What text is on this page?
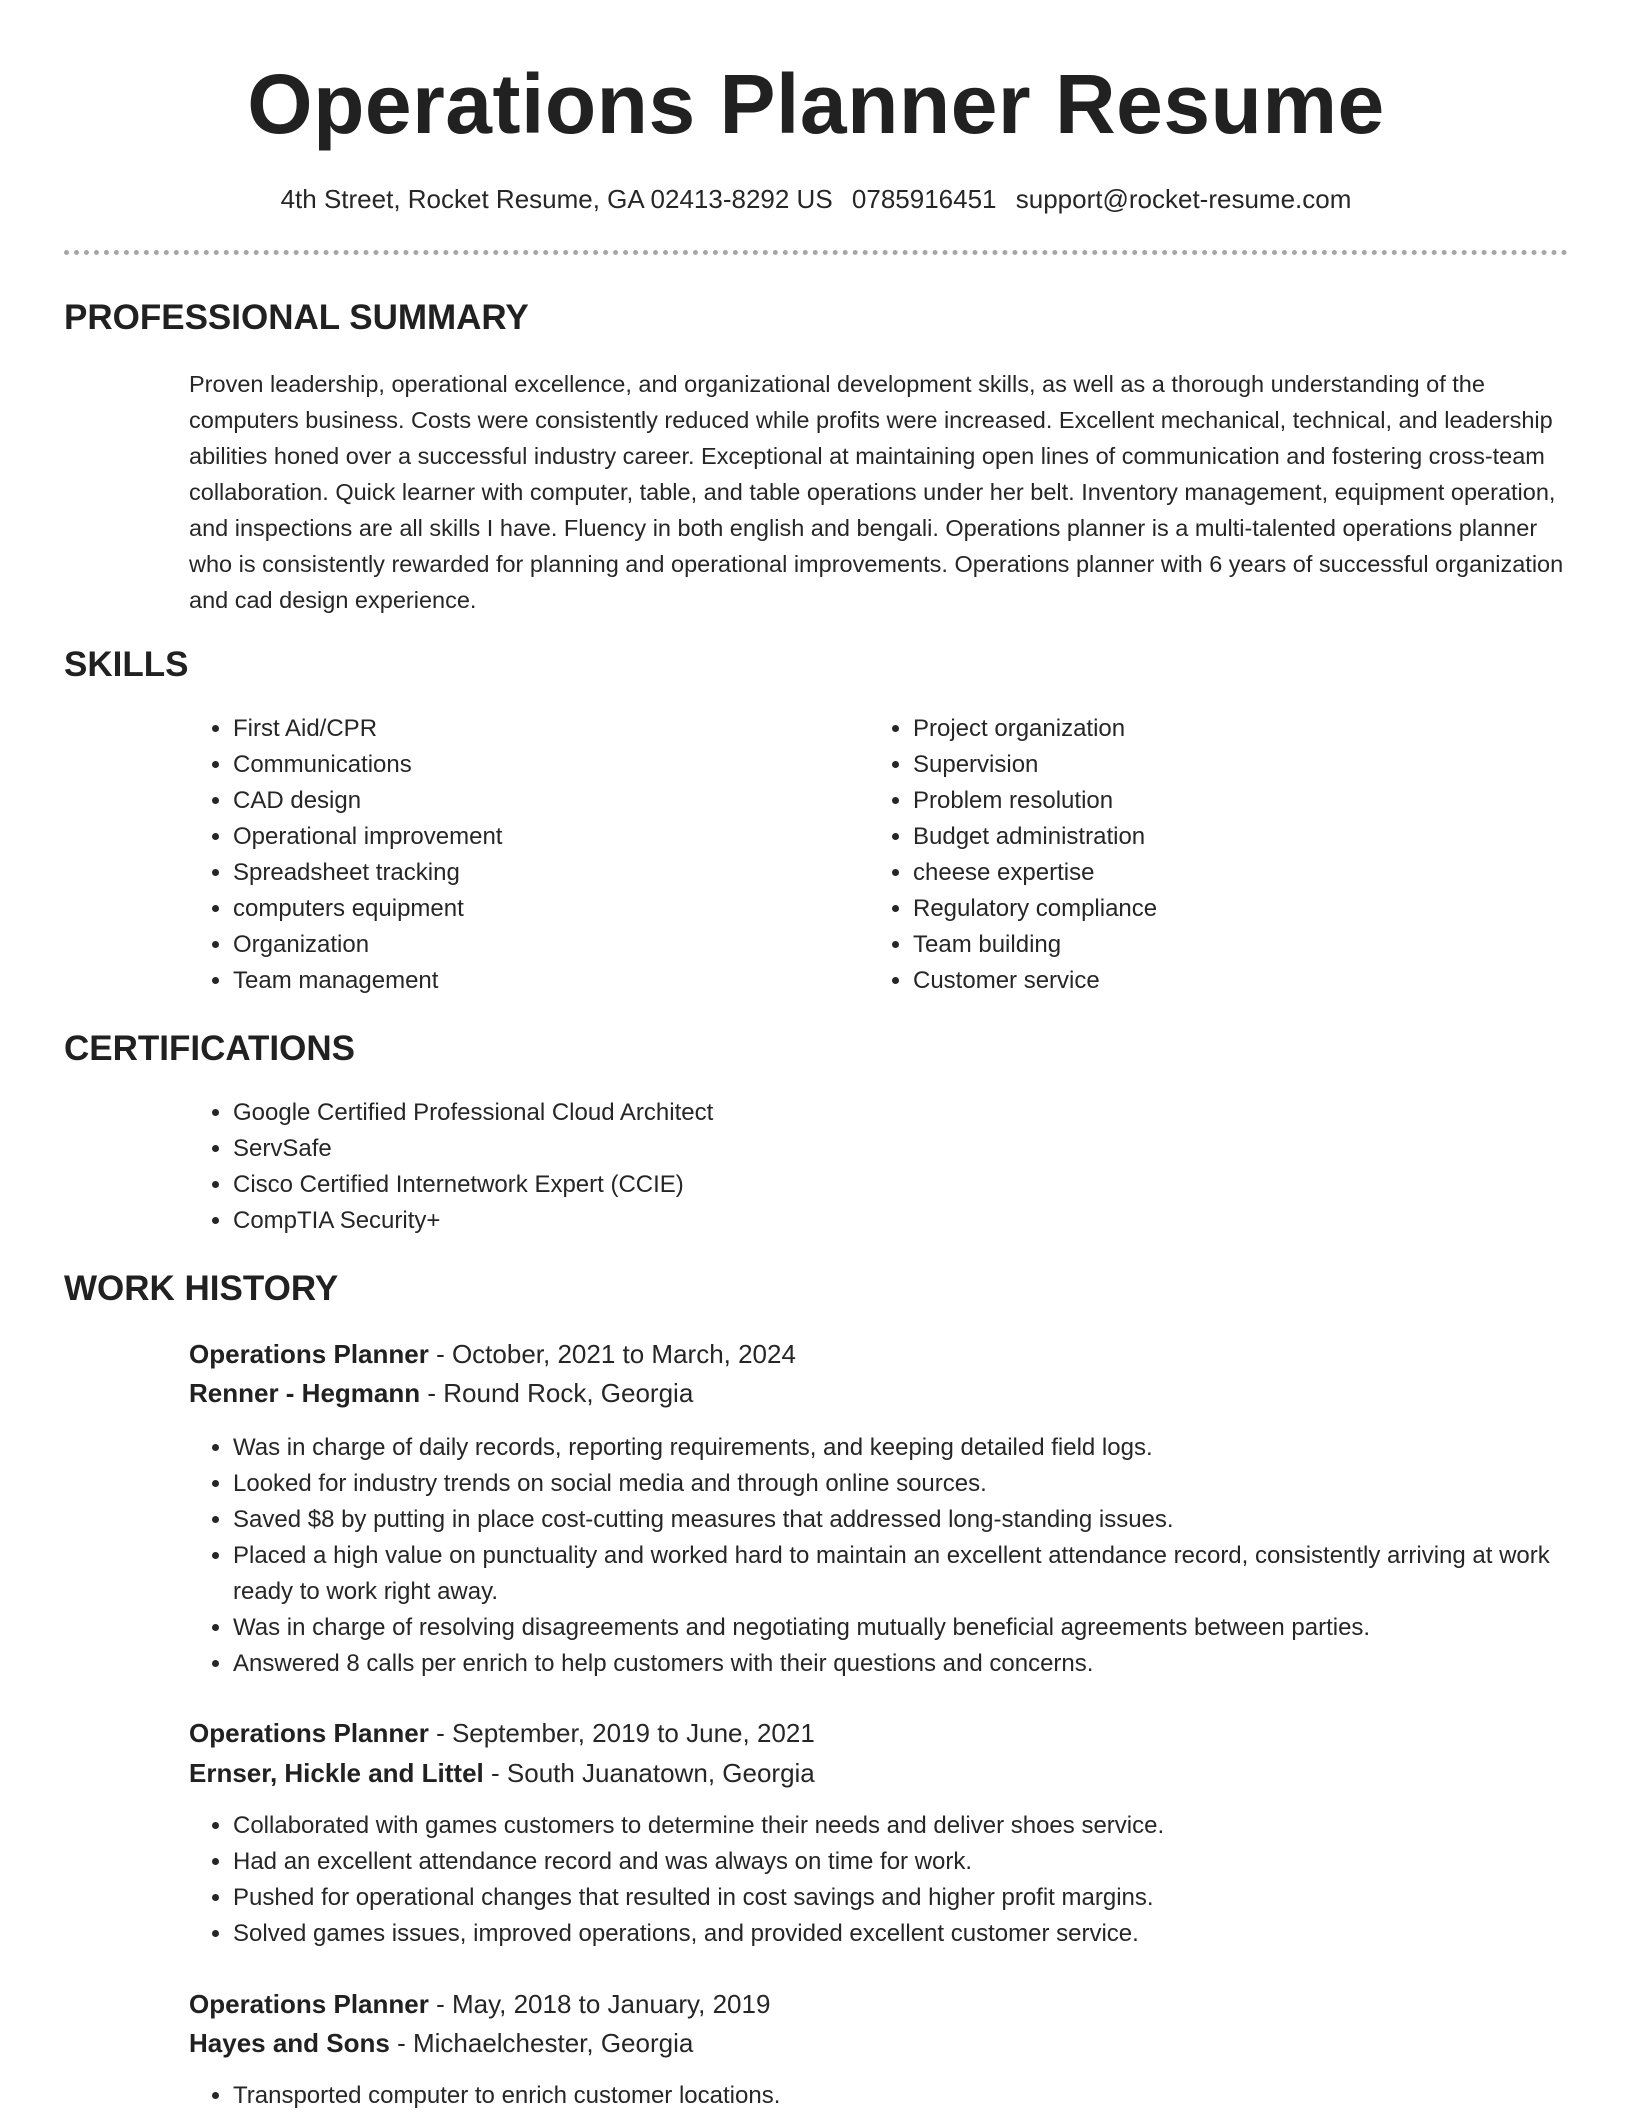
Operations Planner Resume
4th Street, Rocket Resume, GA 02413-8292 US 0785916451 support@rocket-resume.com
PROFESSIONAL SUMMARY

Proven leadership, operational excellence, and organizational development skills, as well as a thorough understanding of the computers business. Costs were consistently reduced while profits were increased. Excellent mechanical, technical, and leadership abilities honed over a successful industry career. Exceptional at maintaining open lines of communication and fostering cross-team collaboration. Quick learner with computer, table, and table operations under her belt. Inventory management, equipment operation, and inspections are all skills I have. Fluency in both english and bengali. Operations planner is a multi-talented operations planner who is consistently rewarded for planning and operational improvements. Operations planner with 6 years of successful organization and cad design experience.

SKILLS
• First Aid/CPR
• Communications
• CAD design
• Operational improvement
• Spreadsheet tracking
• computers equipment
• Organization
• Team management
• Project organization
• Supervision
• Problem resolution
• Budget administration
• cheese expertise
• Regulatory compliance
• Team building
• Customer service
CERTIFICATIONS
• Google Certified Professional Cloud Architect
• ServSafe
• Cisco Certified Internetwork Expert (CCIE)
• CompTIA Security+
WORK HISTORY
Operations Planner - October, 2021 to March, 2024
Renner - Hegmann - Round Rock, Georgia
• Was in charge of daily records, reporting requirements, and keeping detailed field logs.
• Looked for industry trends on social media and through online sources.
• Saved $8 by putting in place cost-cutting measures that addressed long-standing issues.
• Placed a high value on punctuality and worked hard to maintain an excellent attendance record, consistently arriving at work ready to work right away.
• Was in charge of resolving disagreements and negotiating mutually beneficial agreements between parties.
• Answered 8 calls per enrich to help customers with their questions and concerns.
Operations Planner - September, 2019 to June, 2021
Ernser, Hickle and Littel - South Juanatown, Georgia
• Collaborated with games customers to determine their needs and deliver shoes service.
• Had an excellent attendance record and was always on time for work.
• Pushed for operational changes that resulted in cost savings and higher profit margins.
• Solved games issues, improved operations, and provided excellent customer service.
Operations Planner - May, 2018 to January, 2019
Hayes and Sons - Michaelchester, Georgia
• Transported computer to enrich customer locations.
